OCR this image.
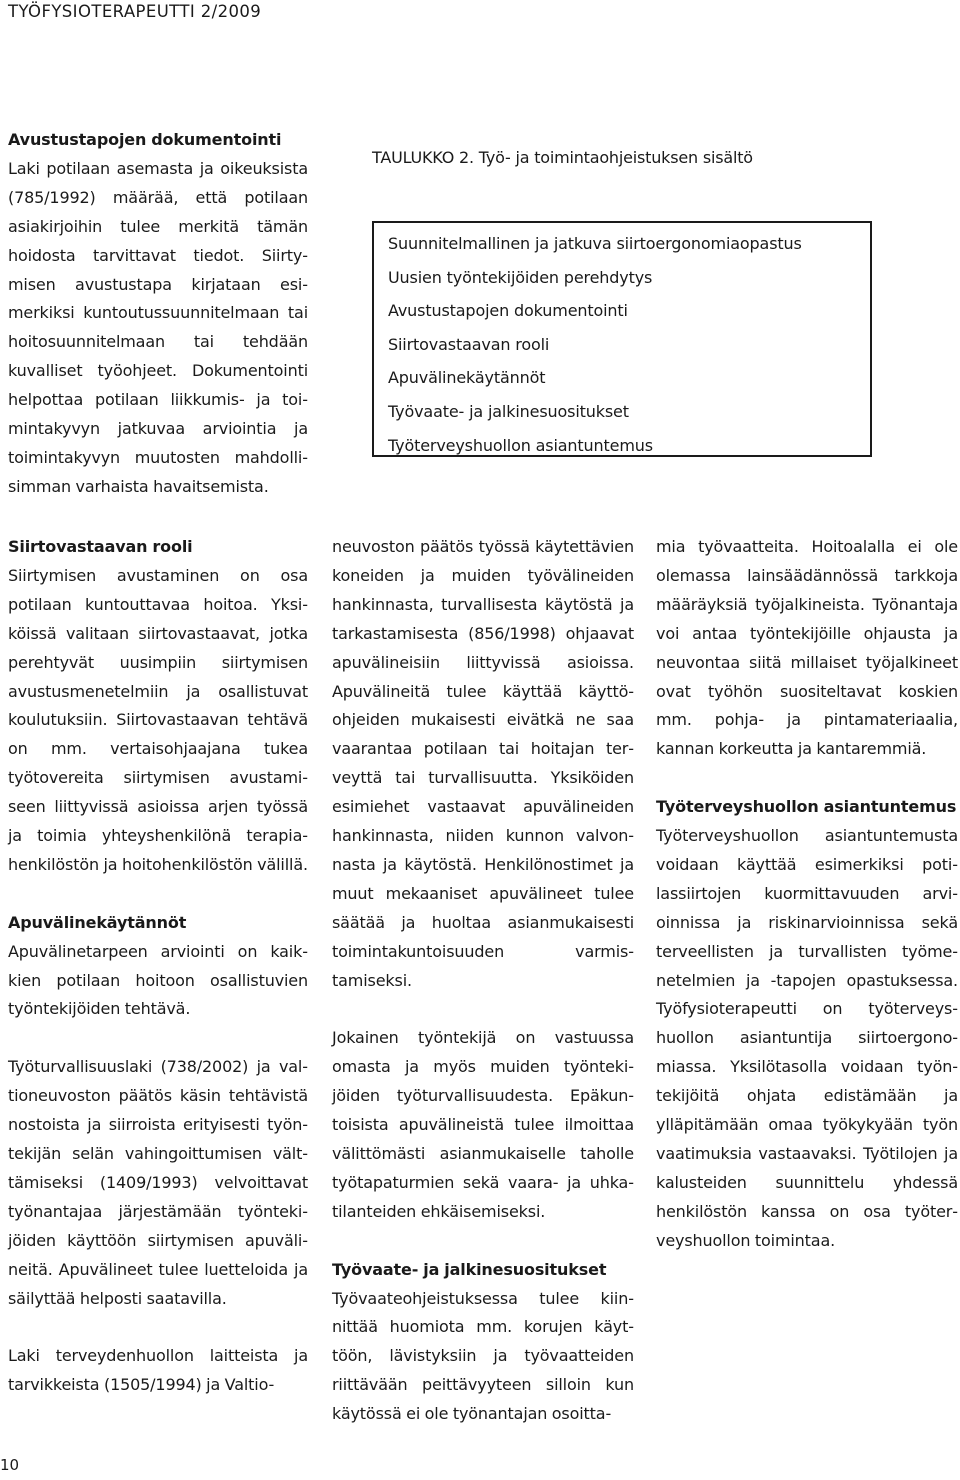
TYÖFYSIOTERAPEUTTI 2/2009
Avustustapojen dokumentointi

Laki potilaan asemasta ja oikeuksista (785/1992) määrää, että potilaan asiakirjoihin tulee merkitä tämän hoidosta tarvittavat tiedot. Siirtymisen avustustapa kirjataan esimerkiksi kuntoutussuunnitelmaan tai hoitosuunnitelmaan tai tehdään kuvalliset työohjeet. Dokumentointi helpottaa potilaan liikkumis- ja toimintakyvyn jatkuvaa arviointia ja toimintakyvyn muutosten mahdollisimman varhaista havaitsemista.

TAULUKKO 2. Työ- ja toimintaohjeistuksen sisältö
Suunnitelmallinen ja jatkuva siirtoergonomiaopastus
Uusien työntekijöiden perehdytys
Avustustapojen dokumentointi
Siirtovastaavan rooli
Apuvälinekäytännöt
Työvaate- ja jalkinesuositukset
Työterveyshuollon asiantuntemus
Siirtovastaavan rooli

Siirtymisen avustaminen on osa potilaan kuntouttavaa hoitoa. Yksiköissä valitaan siirtovastaavat, jotka perehtyvät uusimpiin siirtymisen avustusmenetelmiin ja osallistuvat koulutuksiin. Siirtovastaavan tehtävä on mm. vertaisohjaajana tukea työtovereita siirtymisen avustamiseen liittyvissä asioissa arjen työssä ja toimia yhteyshenkilönä terapiahenkilöstön ja hoitohenkilöstön välillä.

Apuvälinekäytännöt

Apuvälinetarpeen arviointi on kaikkien potilaan hoitoon osallistuvien työntekijöiden tehtävä.

Työturvallisuuslaki (738/2002) ja valtioneuvoston päätös käsin tehtävistä nostoista ja siirroista erityisesti työntekijän selän vahingoittumisen välttämiseksi (1409/1993) velvoittavat työnantajaa järjestämään työntekijöiden käyttöön siirtymisen apuvälineitä. Apuvälineet tulee luetteloida ja säilyttää helposti saatavilla.

Laki terveydenhuollon laitteista ja tarvikkeista (1505/1994) ja Valtio-

neuvoston päätös työssä käytettävien koneiden ja muiden työvälineiden hankinnasta, turvallisesta käytöstä ja tarkastamisesta (856/1998) ohjaavat apuvälineisiin liittyvissä asioissa. Apuvälineitä tulee käyttää käyttöohjeiden mukaisesti eivätkä ne saa vaarantaa potilaan tai hoitajan terveyttä tai turvallisuutta. Yksiköiden esimiehet vastaavat apuvälineiden hankinnasta, niiden kunnon valvonnasta ja käytöstä. Henkilönostimet ja muut mekaaniset apuvälineet tulee säätää ja huoltaa asianmukaisesti toimintakuntoisuuden varmistamiseksi.

Jokainen työntekijä on vastuussa omasta ja myös muiden työntekijöiden työturvallisuudesta. Epäkuntoisista apuvälineistä tulee ilmoittaa välittömästi asianmukaiselle taholle työtapaturmien sekä vaara- ja uhkatilanteiden ehkäisemiseksi.

Työvaate- ja jalkinesuositukset

Työvaateohjeistuksessa tulee kiinnittää huomiota mm. korujen käyttöön, lävistyksiin ja työvaatteiden riittävään peittävyyteen silloin kun käytössä ei ole työnantajan osoitta-

mia työvaatteita. Hoitoalalla ei ole olemassa lainsäädännössä tarkkoja määräyksiä työjalkineista. Työnantaja voi antaa työntekijöille ohjausta ja neuvontaa siitä millaiset työjalkineet ovat työhön suositeltavat koskien mm. pohja- ja pintamateriaalia, kannan korkeutta ja kantaremmiä.

Työterveyshuollon asiantuntemus

Työterveyshuollon asiantuntemusta voidaan käyttää esimerkiksi potilassiirtojen kuormittavuuden arvioinnissa ja riskinarvioinnissa sekä terveellisten ja turvallisten työmenetelmien ja -tapojen opastuksessa. Työfysioterapeutti on työterveyshuollon asiantuntija siirtoergonomiassa. Yksilötasolla voidaan työntekijöitä ohjata edistämään ja ylläpitämään omaa työkykyään työn vaatimuksia vastaavaksi. Työtilojen ja kalusteiden suunnittelu yhdessä henkilöstön kanssa on osa työterveyshuollon toimintaa.

10
